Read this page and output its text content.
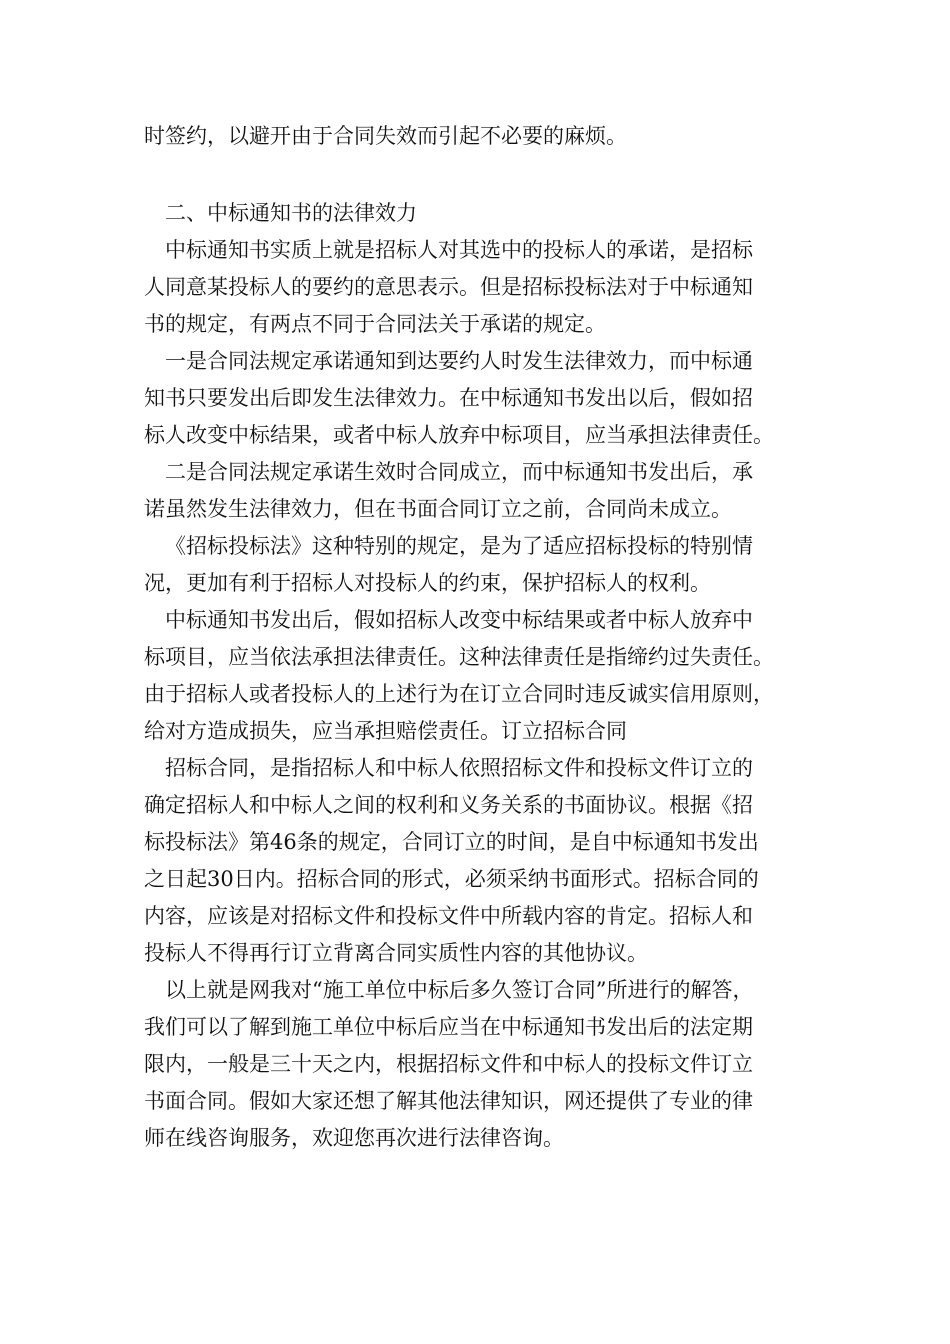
时签约，以避开由于合同失效而引起不必要的麻烦。
二、中标通知书的法律效力
中标通知书实质上就是招标人对其选中的投标人的承诺，是招标
人同意某投标人的要约的意思表示。但是招标投标法对于中标通知
书的规定，有两点不同于合同法关于承诺的规定。
一是合同法规定承诺通知到达要约人时发生法律效力，而中标通
知书只要发出后即发生法律效力。在中标通知书发出以后，假如招
标人改变中标结果，或者中标人放弃中标项目，应当承担法律责任。
二是合同法规定承诺生效时合同成立，而中标通知书发出后，承
诺虽然发生法律效力，但在书面合同订立之前，合同尚未成立。
《招标投标法》这种特别的规定，是为了适应招标投标的特别情
况，更加有利于招标人对投标人的约束，保护招标人的权利。
中标通知书发出后，假如招标人改变中标结果或者中标人放弃中
标项目，应当依法承担法律责任。这种法律责任是指缔约过失责任。
由于招标人或者投标人的上述行为在订立合同时违反诚实信用原则，
给对方造成损失，应当承担赔偿责任。订立招标合同
招标合同，是指招标人和中标人依照招标文件和投标文件订立的
确定招标人和中标人之间的权利和义务关系的书面协议。根据《招
标投标法》第46条的规定，合同订立的时间，是自中标通知书发出
之日起30日内。招标合同的形式，必须采纳书面形式。招标合同的
内容，应该是对招标文件和投标文件中所载内容的肯定。招标人和
投标人不得再行订立背离合同实质性内容的其他协议。
以上就是网我对“施工单位中标后多久签订合同”所进行的解答，
我们可以了解到施工单位中标后应当在中标通知书发出后的法定期
限内，一般是三十天之内，根据招标文件和中标人的投标文件订立
书面合同。假如大家还想了解其他法律知识，网还提供了专业的律
师在线咨询服务，欢迎您再次进行法律咨询。
